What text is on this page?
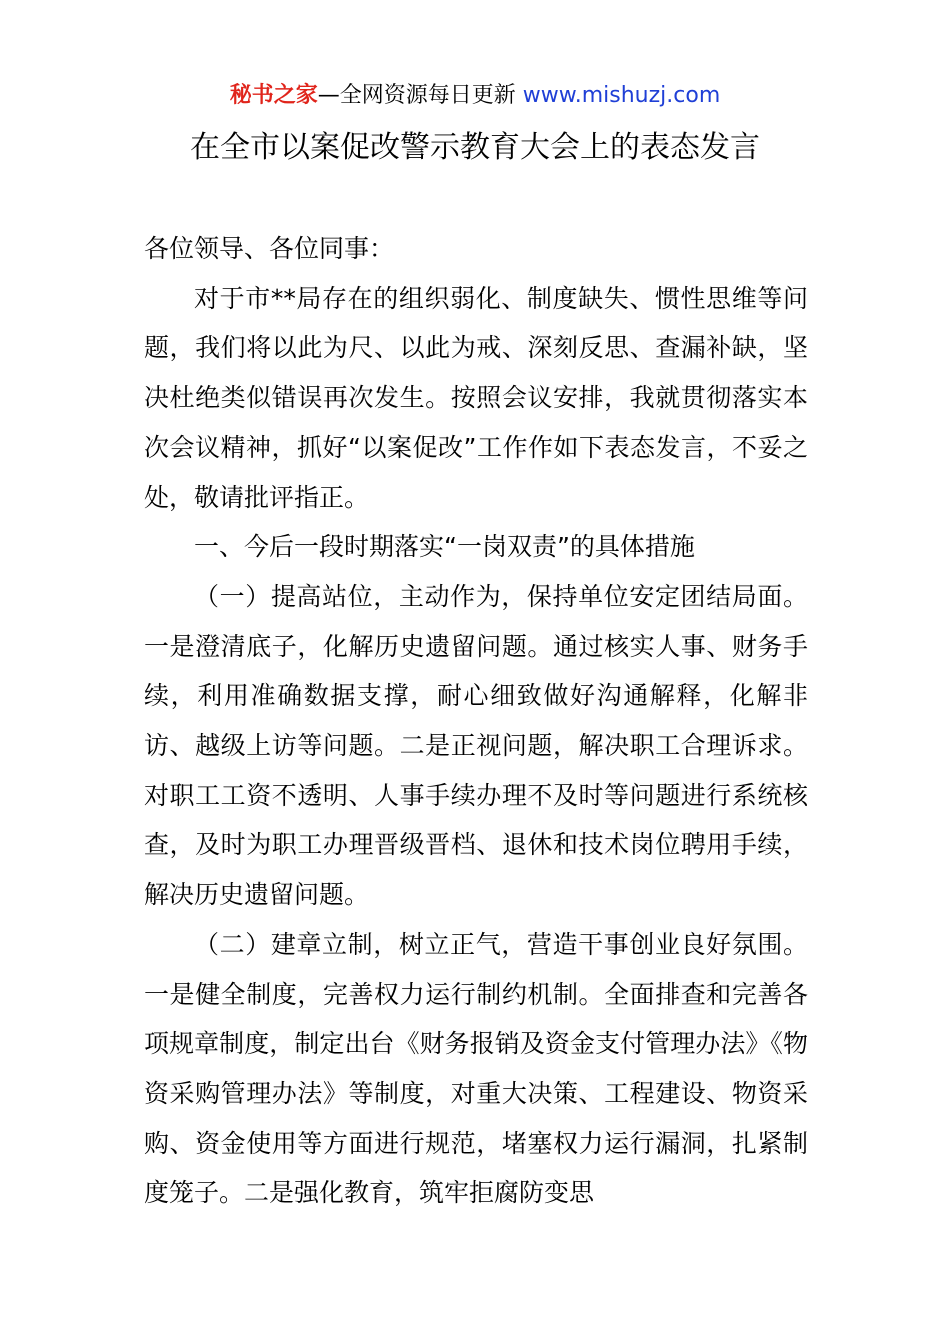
秘书之家—全网资源每日更新 www.mishuzj.com
在全市以案促改警示教育大会上的表态发言

各位领导、各位同事：

对于市**局存在的组织弱化、制度缺失、惯性思维等问题，我们将以此为尺、以此为戒、深刻反思、查漏补缺，坚决杜绝类似错误再次发生。按照会议安排，我就贯彻落实本次会议精神，抓好“以案促改”工作作如下表态发言，不妥之处，敬请批评指正。

一、今后一段时期落实“一岗双责”的具体措施

（一）提高站位，主动作为，保持单位安定团结局面。一是澄清底子，化解历史遗留问题。通过核实人事、财务手续，利用准确数据支撑，耐心细致做好沟通解释，化解非访、越级上访等问题。二是正视问题，解决职工合理诉求。对职工工资不透明、人事手续办理不及时等问题进行系统核查，及时为职工办理晋级晋档、退休和技术岗位聘用手续，解决历史遗留问题。

（二）建章立制，树立正气，营造干事创业良好氛围。一是健全制度，完善权力运行制约机制。全面排查和完善各项规章制度，制定出台《财务报销及资金支付管理办法》《物资采购管理办法》等制度，对重大决策、工程建设、物资采购、资金使用等方面进行规范，堵塞权力运行漏洞，扎紧制度笼子。二是强化教育，筑牢拒腐防变思
